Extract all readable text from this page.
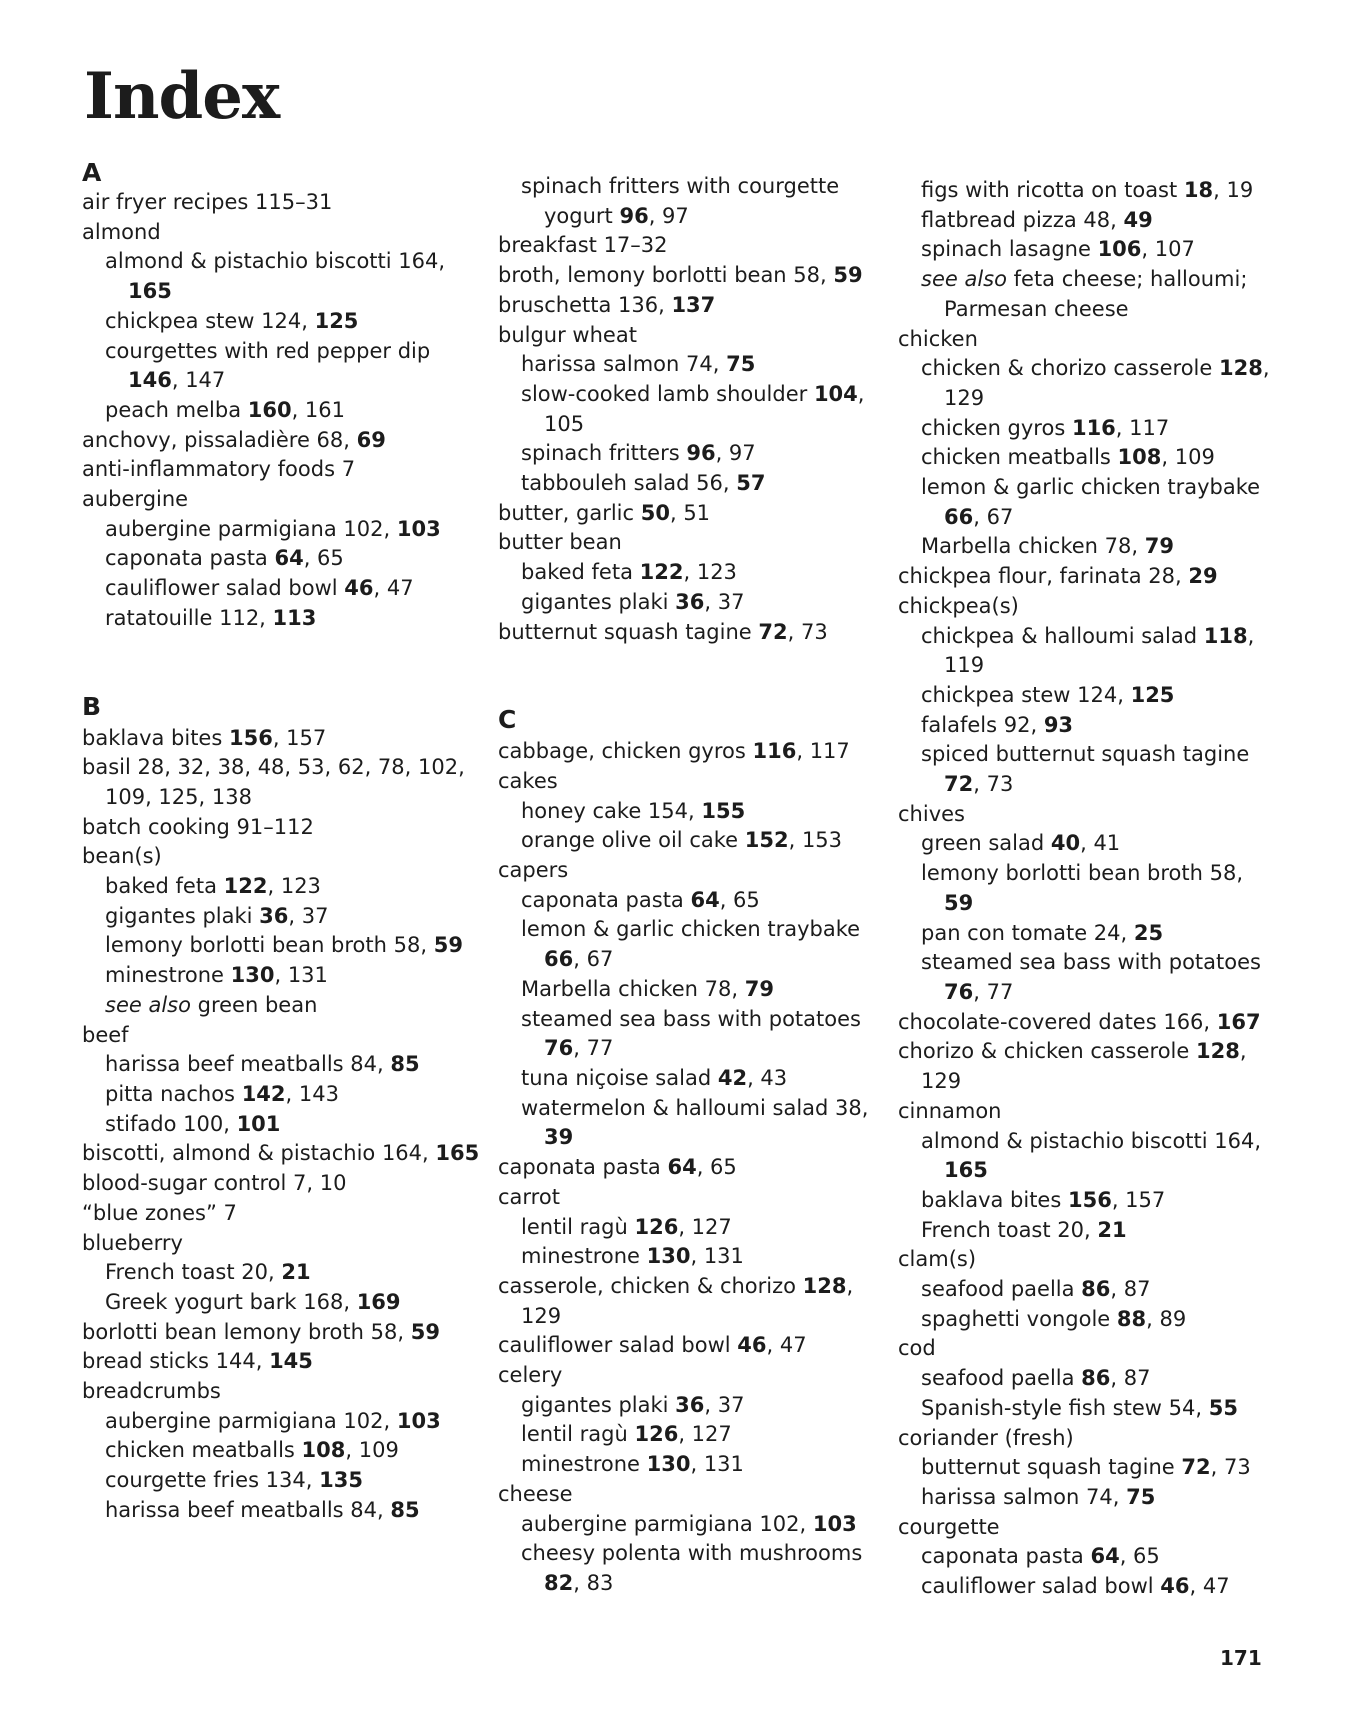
Index
A
air fryer recipes 115–31
almond
almond & pistachio biscotti 164, 165
chickpea stew 124, 125
courgettes with red pepper dip 146, 147
peach melba 160, 161
anchovy, pissaladière 68, 69
anti-inflammatory foods 7
aubergine
aubergine parmigiana 102, 103
caponata pasta 64, 65
cauliflower salad bowl 46, 47
ratatouille 112, 113
B
baklava bites 156, 157
basil 28, 32, 38, 48, 53, 62, 78, 102, 109, 125, 138
batch cooking 91–112
bean(s)
baked feta 122, 123
gigantes plaki 36, 37
lemony borlotti bean broth 58, 59
minestrone 130, 131
see also green bean
beef
harissa beef meatballs 84, 85
pitta nachos 142, 143
stifado 100, 101
biscotti, almond & pistachio 164, 165
blood-sugar control 7, 10
“blue zones” 7
blueberry
French toast 20, 21
Greek yogurt bark 168, 169
borlotti bean lemony broth 58, 59
bread sticks 144, 145
breadcrumbs
aubergine parmigiana 102, 103
chicken meatballs 108, 109
courgette fries 134, 135
harissa beef meatballs 84, 85
spinach fritters with courgette yogurt 96, 97
breakfast 17–32
broth, lemony borlotti bean 58, 59
bruschetta 136, 137
bulgur wheat
harissa salmon 74, 75
slow-cooked lamb shoulder 104, 105
spinach fritters 96, 97
tabbouleh salad 56, 57
butter, garlic 50, 51
butter bean
baked feta 122, 123
gigantes plaki 36, 37
butternut squash tagine 72, 73
C
cabbage, chicken gyros 116, 117
cakes
honey cake 154, 155
orange olive oil cake 152, 153
capers
caponata pasta 64, 65
lemon & garlic chicken traybake 66, 67
Marbella chicken 78, 79
steamed sea bass with potatoes 76, 77
tuna niçoise salad 42, 43
watermelon & halloumi salad 38, 39
caponata pasta 64, 65
carrot
lentil ragù 126, 127
minestrone 130, 131
casserole, chicken & chorizo 128, 129
cauliflower salad bowl 46, 47
celery
gigantes plaki 36, 37
lentil ragù 126, 127
minestrone 130, 131
cheese
aubergine parmigiana 102, 103
cheesy polenta with mushrooms 82, 83
figs with ricotta on toast 18, 19
flatbread pizza 48, 49
spinach lasagne 106, 107
see also feta cheese; halloumi; Parmesan cheese
chicken
chicken & chorizo casserole 128, 129
chicken gyros 116, 117
chicken meatballs 108, 109
lemon & garlic chicken traybake 66, 67
Marbella chicken 78, 79
chickpea flour, farinata 28, 29
chickpea(s)
chickpea & halloumi salad 118, 119
chickpea stew 124, 125
falafels 92, 93
spiced butternut squash tagine 72, 73
chives
green salad 40, 41
lemony borlotti bean broth 58, 59
pan con tomate 24, 25
steamed sea bass with potatoes 76, 77
chocolate-covered dates 166, 167
chorizo & chicken casserole 128, 129
cinnamon
almond & pistachio biscotti 164, 165
baklava bites 156, 157
French toast 20, 21
clam(s)
seafood paella 86, 87
spaghetti vongole 88, 89
cod
seafood paella 86, 87
Spanish-style fish stew 54, 55
coriander (fresh)
butternut squash tagine 72, 73
harissa salmon 74, 75
courgette
caponata pasta 64, 65
cauliflower salad bowl 46, 47
171
